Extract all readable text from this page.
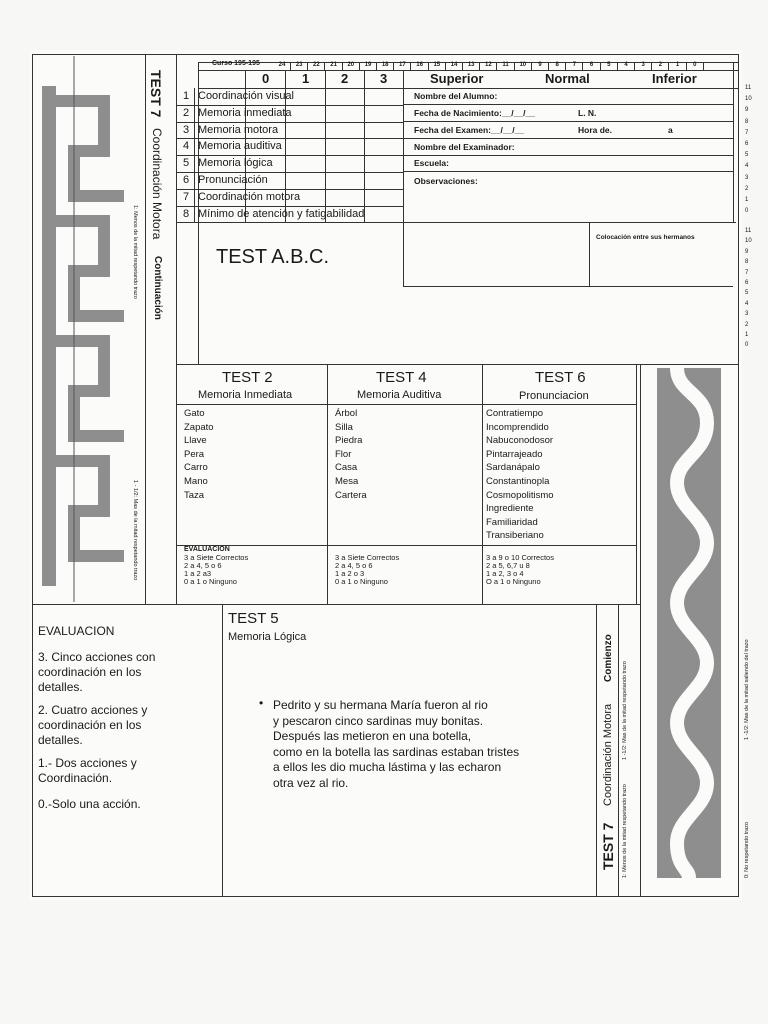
TEST 7
Coordinación Motora
Continuación
1: Menos de la mitad respetando trazo
1 - 1/2: Mas de la mitad respetando trazo
Curso 195-195	24	23	22	21	20	19	18	17	16	15	14	13	12	11	10	9	8	7	6	5	4	3	2	1	0
0	1 2 3	Superior	Normal	Inferior
1 Coordinación visual
2 Memoria inmediata
3 Memoria motora
4 Memoria auditiva
5 Memoria lógica
6 Pronunciación
7 Coordinación motora
8 Mínimo de atención y fatigabilidad
Nombre del Alumno:
Fecha de Nacimiento:__/__/__	L. N.
Fecha del Examen:__/__/__	Hora de.	a
Nombre del Examinador:
Escuela:
Observaciones:
Colocación entre sus hermanos
TEST A.B.C.
11
10
9
8
7
6
5
4
3
2
1
0
11
10
9
8
7
6
5
4
3
2
1
0
TEST 2
Memoria Inmediata
Gato
Zapato
Llave
Pera
Carro
Mano
Taza
EVALUACION
3 a Siete Correctos
2 a 4, 5 o 6
1 a 2 a3
0 a 1 o Ninguno
TEST 4
Memoria Auditiva
Árbol
Silla
Piedra
Flor
Casa
Mesa
Cartera
3 a Siete Correctos
2 a 4, 5 o 6
1 a 2 o 3
0 a 1 o Ninguno
TEST 6
Pronunciacion
Contratiempo
Incomprendido
Nabuconodosor
Pintarrajeado
Sardanápalo
Constantinopla
Cosmopolitismo
Ingrediente
Familiaridad
Transiberiano
3 a 9 o 10 Correctos
2 a 5, 6,7 u 8
1 a 2, 3 o 4
O a 1 o Ninguno
EVALUACION
3. Cinco acciones con coordinación en los detalles.
2. Cuatro acciones y coordinación en los detalles.
1.- Dos acciones y Coordinación.
0.-Solo una acción.
TEST 5
Memoria Lógica
• Pedrito y su hermana María fueron al rio
y pescaron cinco sardinas muy bonitas.
Después las metieron en una botella,
como en la botella las sardinas estaban tristes
a ellos les dio mucha lástima y las echaron
otra vez al rio.
TEST 7
Coordinación Motora
Comienzo
1: Menos de la mitad respetando trazo
1 -1/2: Mas de la mitad respetando trazo
0: No respetando trazo
1 -1/2: Mas de la mitad saliendo del trazo
